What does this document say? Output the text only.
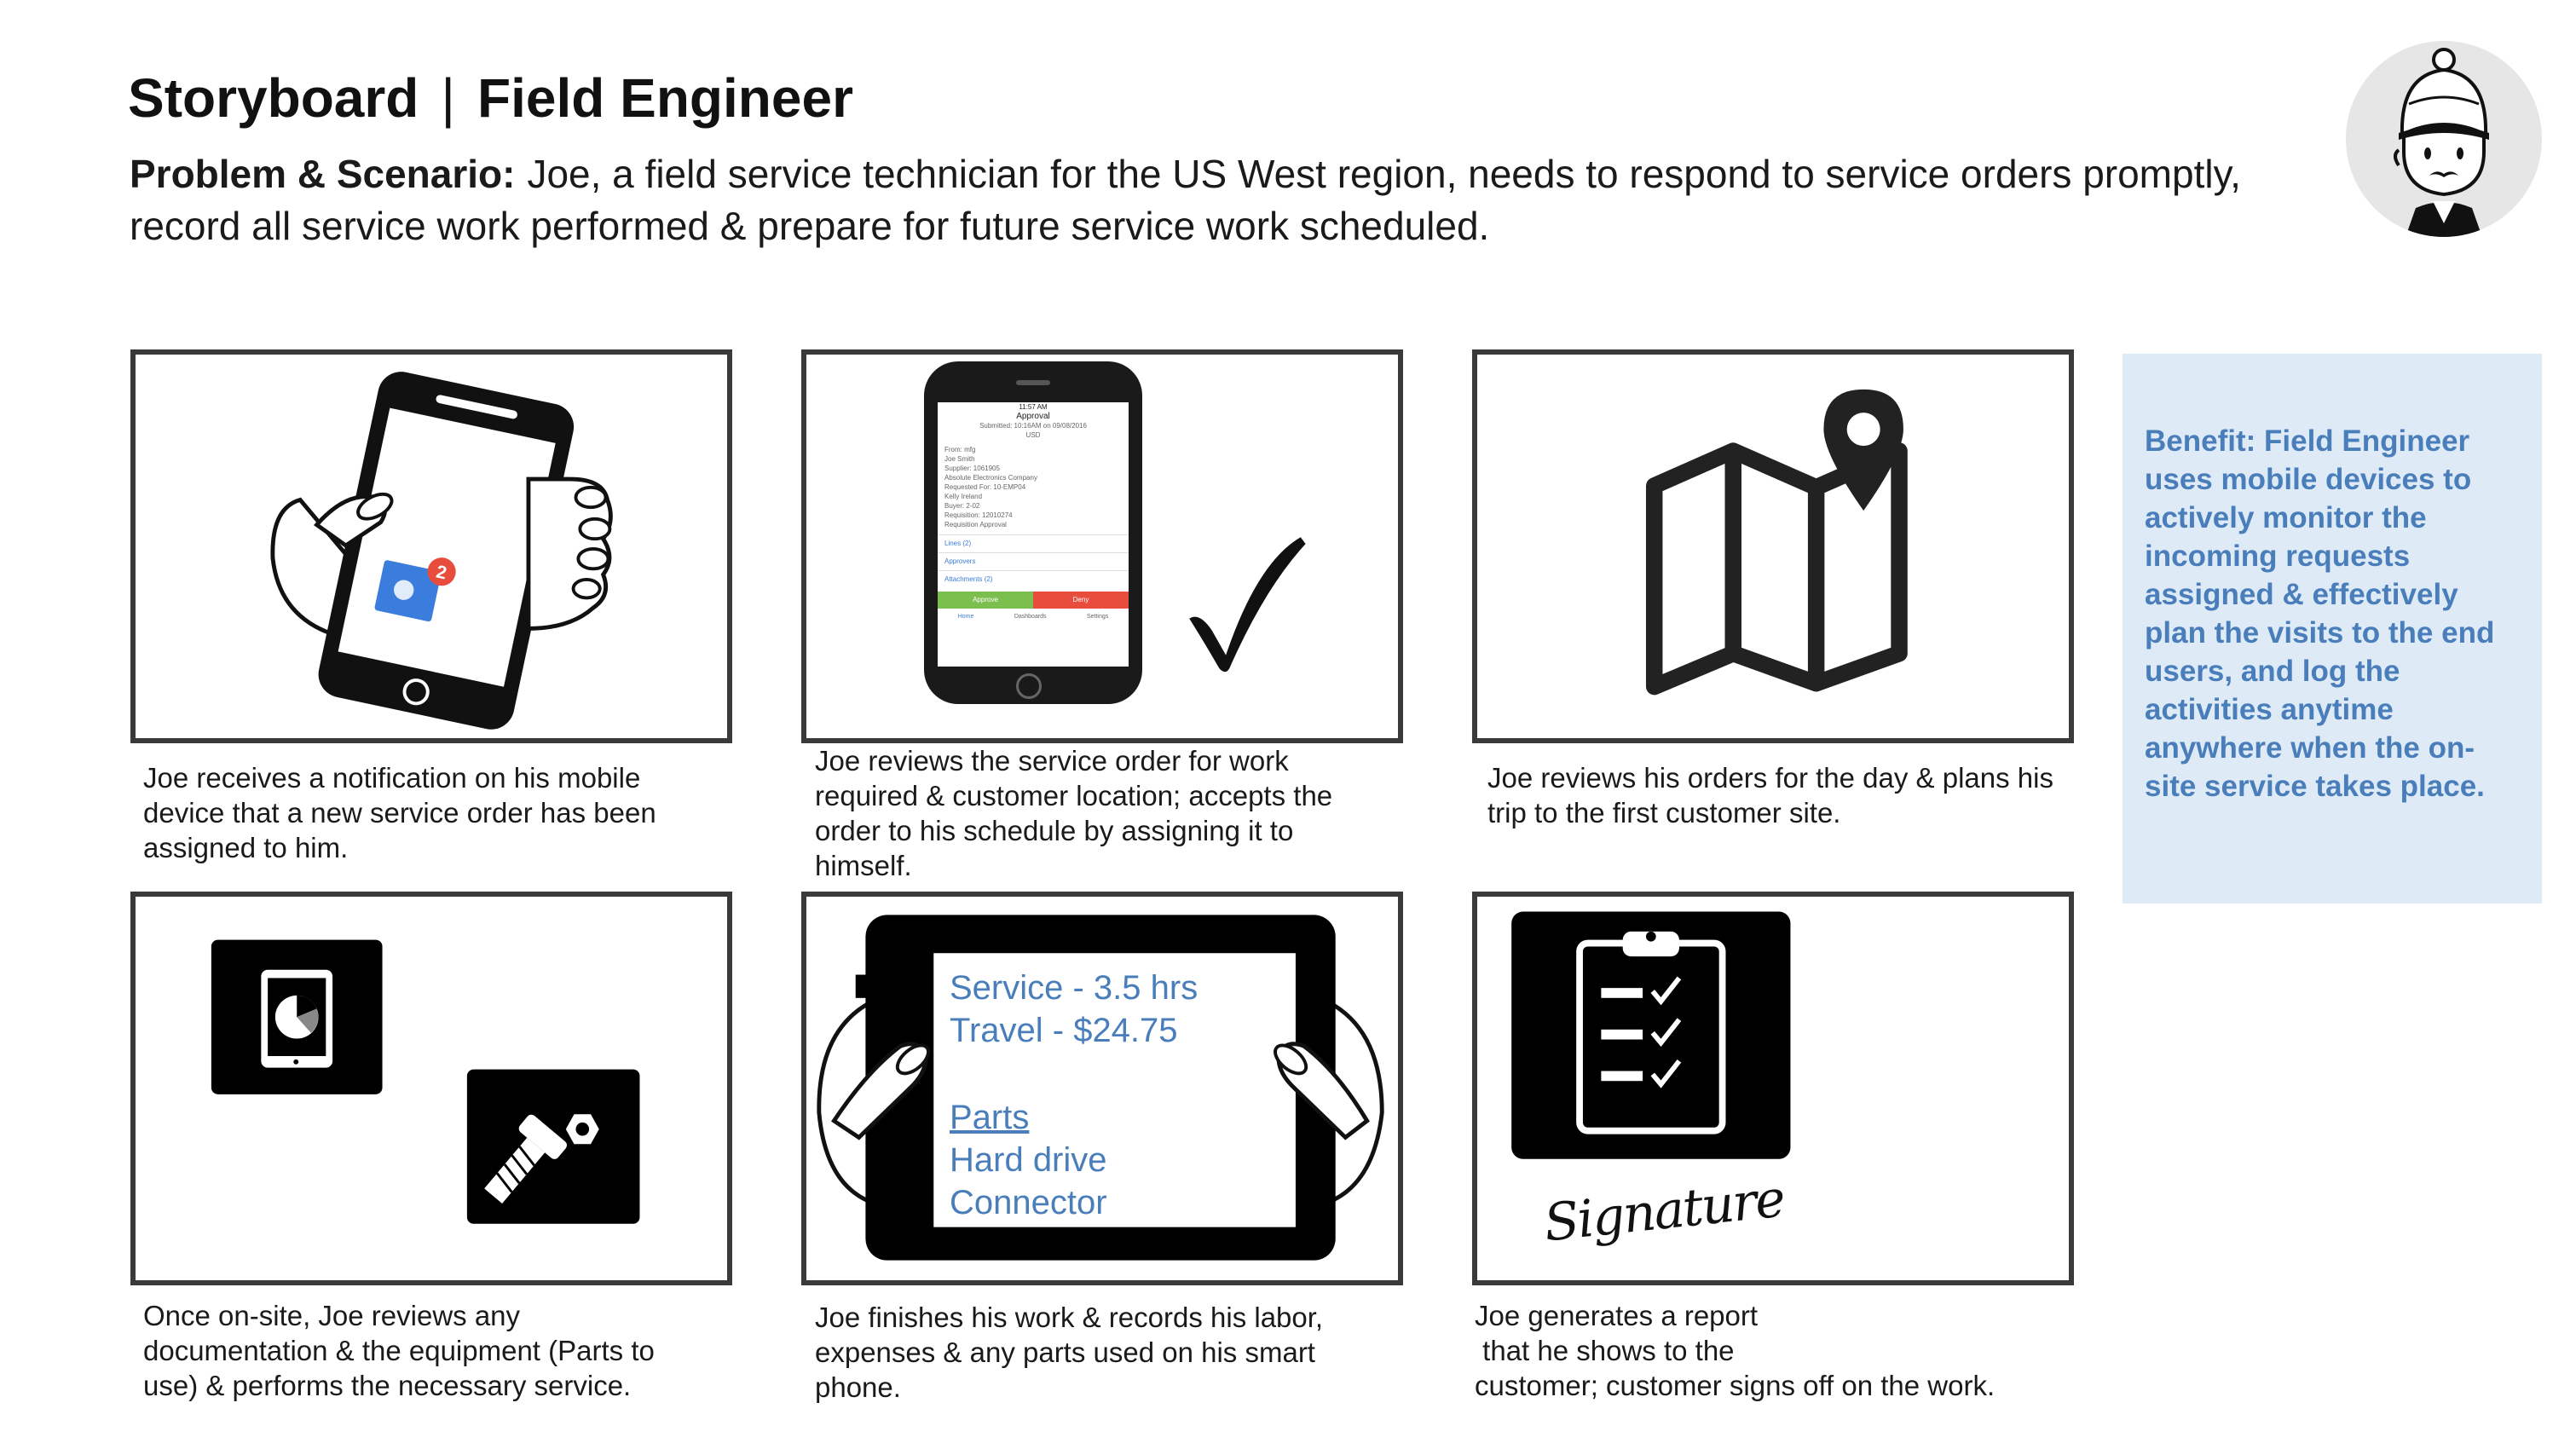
Storyboard | Field Engineer
Problem & Scenario: Joe, a field service technician for the US West region, needs to respond to service orders promptly, record all service work performed & prepare for future service work scheduled.
2
Joe receives a notification on his mobile device that a new service order has been assigned to him.
11:57 AM
Approval
Submitted: 10:16AM on 09/08/2016
USD
From: mfg
Joe Smith
Supplier: 1061905
Absolute Electronics Company
Requested For: 10-EMP04
Kelly Ireland
Buyer: 2-02
Requisition: 12010274
Requisition Approval
Lines (2)
Approvers
Attachments (2)
Approve	Deny
Home	Dashboards	Settings
Joe reviews the service order for work required & customer location; accepts the order to his schedule by assigning it to himself.
Joe reviews his orders for the day & plans his trip to the first customer site.
Benefit: Field Engineer uses mobile devices to actively monitor the incoming requests assigned & effectively plan the visits to the end users, and log the activities anytime anywhere when the on-site service takes place.
Once on-site, Joe reviews any documentation & the equipment (Parts to use) & performs the necessary service.
Service - 3.5 hrs
Travel - $24.75
Parts
Hard drive
Connector
Joe finishes his work & records his labor, expenses & any parts used on his smart phone.
Signature
Joe generates a report
that he shows to the
customer; customer signs off on the work.
